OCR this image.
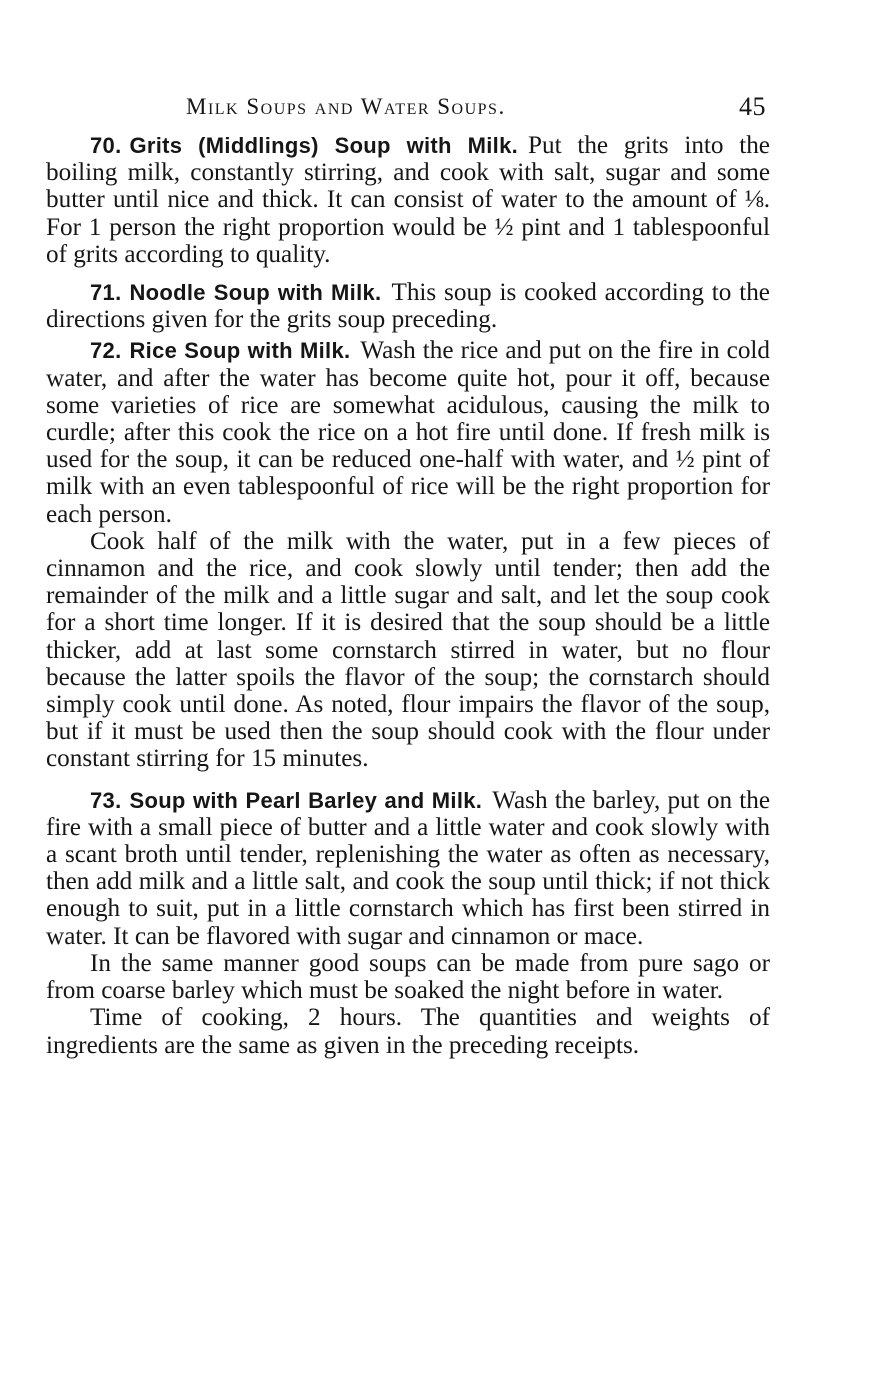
Milk Soups and Water Soups.	45

70. Grits (Middlings) Soup with Milk. Put the grits into the boiling milk, constantly stirring, and cook with salt, sugar and some butter until nice and thick. It can consist of water to the amount of ⅛. For 1 person the right proportion would be ½ pint and 1 tablespoonful of grits according to quality.

71. Noodle Soup with Milk. This soup is cooked according to the directions given for the grits soup preceding.

72. Rice Soup with Milk. Wash the rice and put on the fire in cold water, and after the water has become quite hot, pour it off, because some varieties of rice are somewhat acidulous, causing the milk to curdle; after this cook the rice on a hot fire until done. If fresh milk is used for the soup, it can be reduced one-half with water, and ½ pint of milk with an even tablespoonful of rice will be the right proportion for each person.

Cook half of the milk with the water, put in a few pieces of cinnamon and the rice, and cook slowly until tender; then add the remainder of the milk and a little sugar and salt, and let the soup cook for a short time longer. If it is desired that the soup should be a little thicker, add at last some cornstarch stirred in water, but no flour because the latter spoils the flavor of the soup; the cornstarch should simply cook until done. As noted, flour impairs the flavor of the soup, but if it must be used then the soup should cook with the flour under constant stirring for 15 minutes.

73. Soup with Pearl Barley and Milk. Wash the barley, put on the fire with a small piece of butter and a little water and cook slowly with a scant broth until tender, replenishing the water as often as necessary, then add milk and a little salt, and cook the soup until thick; if not thick enough to suit, put in a little cornstarch which has first been stirred in water. It can be flavored with sugar and cinnamon or mace.

In the same manner good soups can be made from pure sago or from coarse barley which must be soaked the night before in water.

Time of cooking, 2 hours. The quantities and weights of ingredients are the same as given in the preceding receipts.
